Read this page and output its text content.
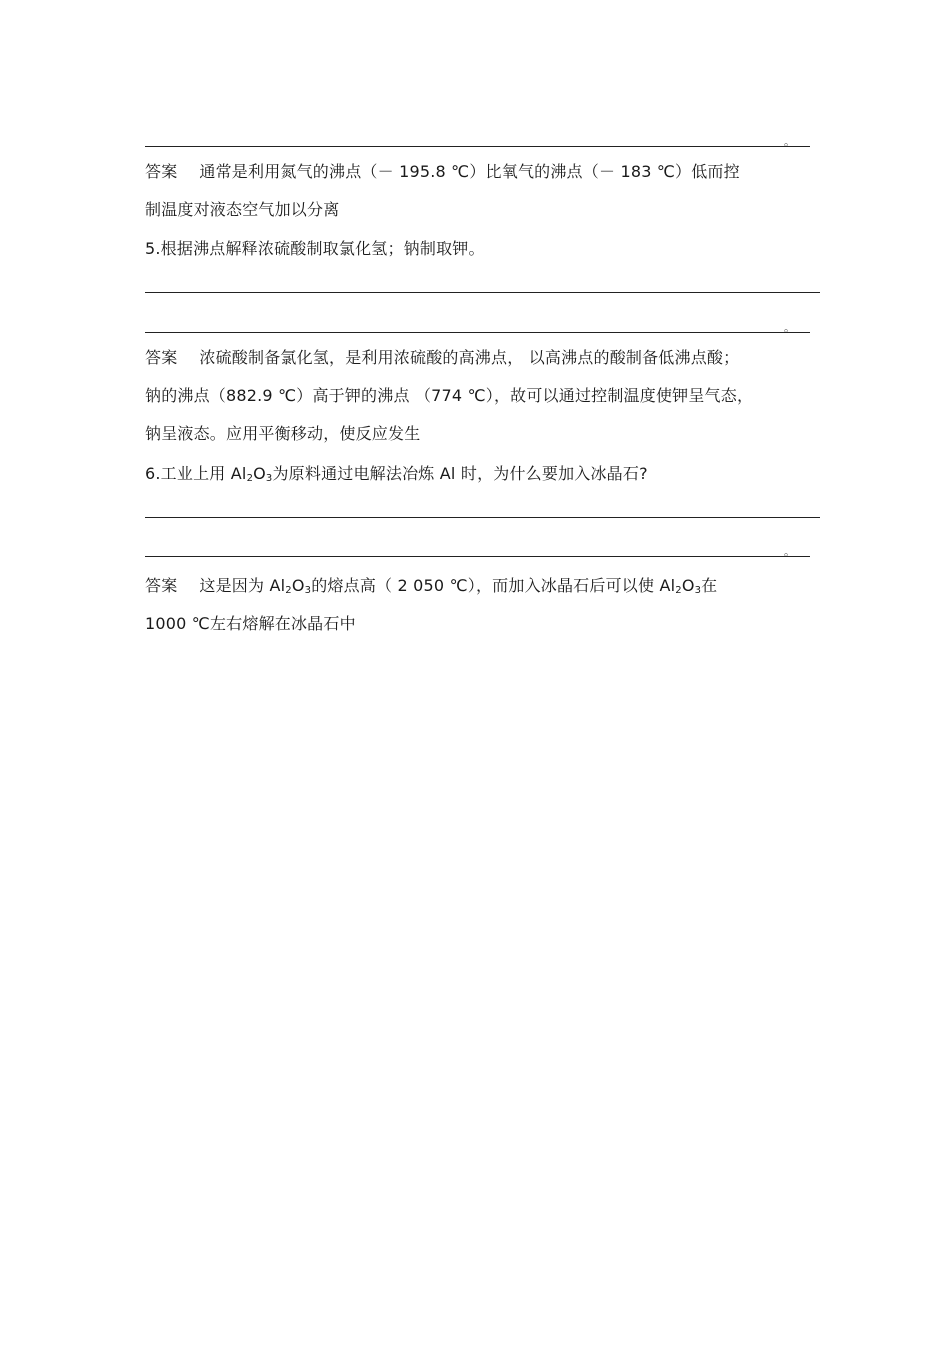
。
答案 通常是利用氮气的沸点（－ 195.8 ℃）比氧气的沸点（－ 183 ℃）低而控
制温度对液态空气加以分离
5.根据沸点解释浓硫酸制取氯化氢；钠制取钾。
。
答案 浓硫酸制备氯化氢，是利用浓硫酸的高沸点， 以高沸点的酸制备低沸点酸；
钠的沸点（882.9 ℃）高于钾的沸点 （774 ℃），故可以通过控制温度使钾呈气态，
钠呈液态。应用平衡移动，使反应发生
6.工业上用 $Al_2O_3$为原料通过电解法冶炼 Al 时，为什么要加入冰晶石?
。
答案 这是因为 $Al_2O_3$的熔点高（ 2 050 ℃），而加入冰晶石后可以使 $Al_2O_3$在
1000 ℃左右熔解在冰晶石中
